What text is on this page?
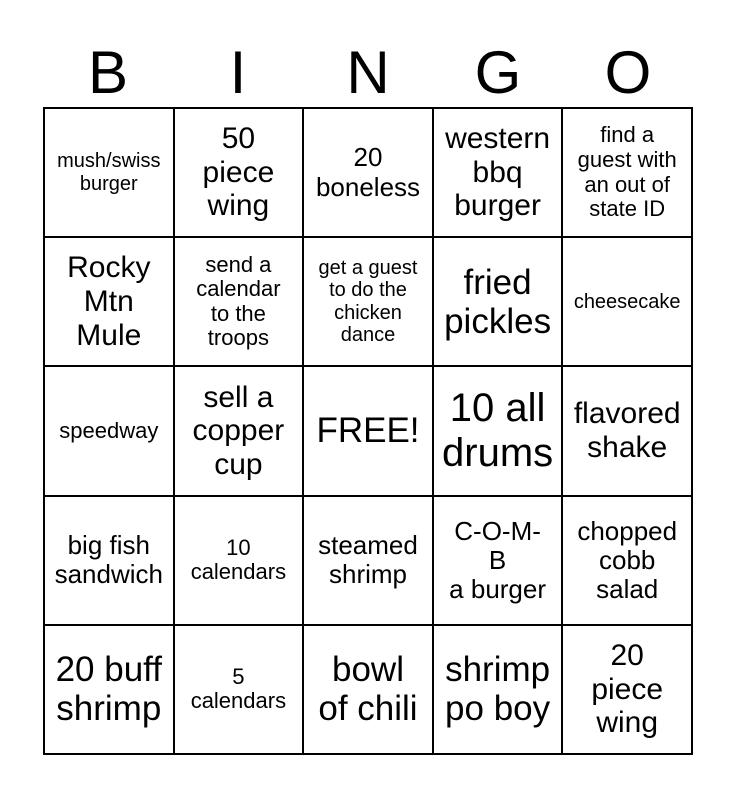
B	I	N	G	O
mush/swiss
burger
50
piece
wing
20
boneless
western
bbq
burger
find a
guest with
an out of
state ID
Rocky
Mtn
Mule
send a
calendar
to the
troops
get a guest
to do the
chicken
dance
fried
pickles
cheesecake
speedway
sell a
copper
cup
FREE!
10 all
drums
flavored
shake
big fish
sandwich
10
calendars
steamed
shrimp
C-O-M-
B
a burger
chopped
cobb
salad
20 buff
shrimp
5
calendars
bowl
of chili
shrimp
po boy
20
piece
wing
